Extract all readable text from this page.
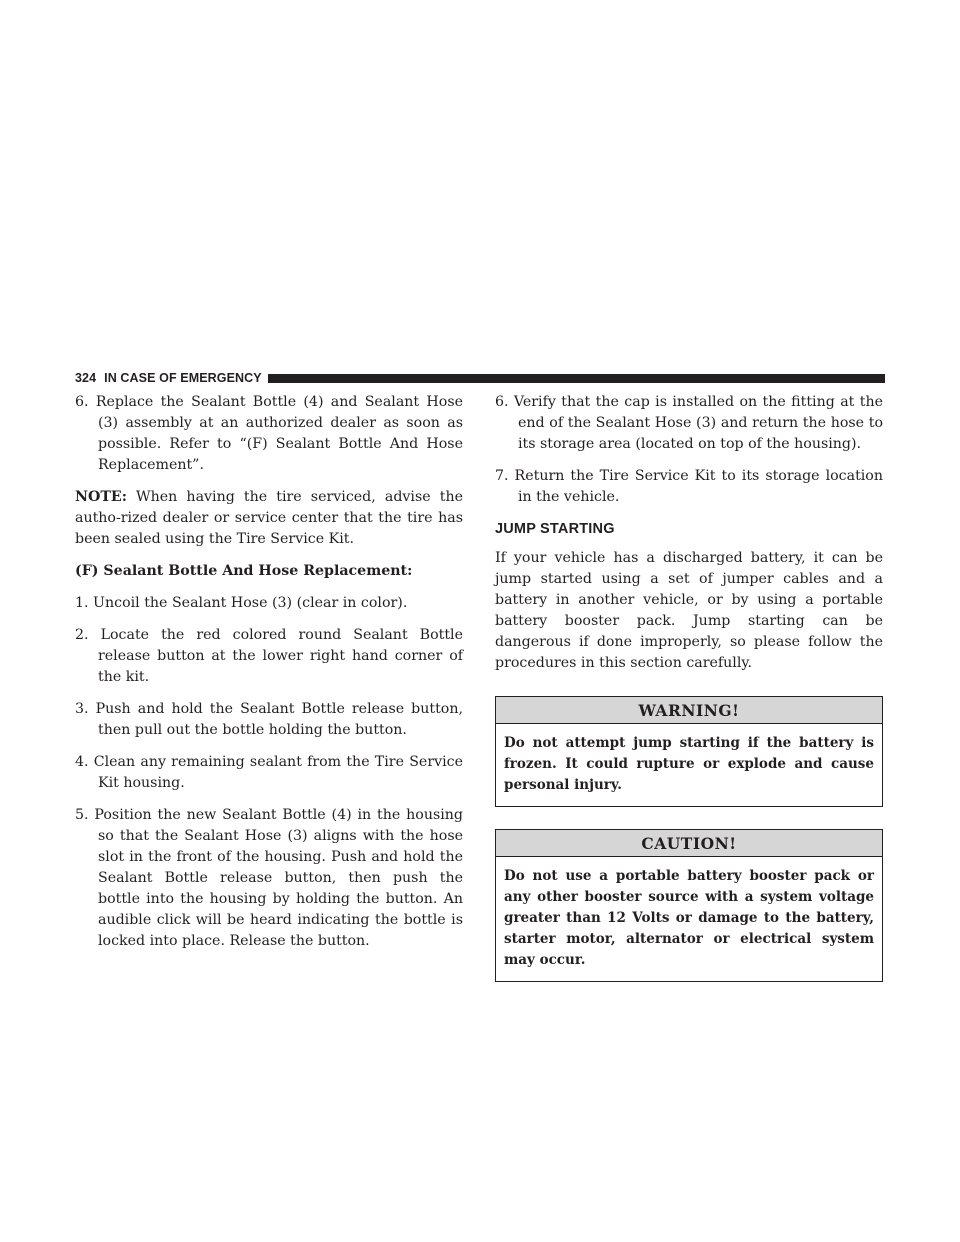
324 IN CASE OF EMERGENCY

6. Replace the Sealant Bottle (4) and Sealant Hose (3) assembly at an authorized dealer as soon as possible. Refer to “(F) Sealant Bottle And Hose Replacement”.

NOTE: When having the tire serviced, advise the autho-rized dealer or service center that the tire has been sealed using the Tire Service Kit.

(F) Sealant Bottle And Hose Replacement:

1. Uncoil the Sealant Hose (3) (clear in color).

2. Locate the red colored round Sealant Bottle release button at the lower right hand corner of the kit.

3. Push and hold the Sealant Bottle release button, then pull out the bottle holding the button.

4. Clean any remaining sealant from the Tire Service Kit housing.

5. Position the new Sealant Bottle (4) in the housing so that the Sealant Hose (3) aligns with the hose slot in the front of the housing. Push and hold the Sealant Bottle release button, then push the bottle into the housing by holding the button. An audible click will be heard indicating the bottle is locked into place. Release the button.

6. Verify that the cap is installed on the fitting at the end of the Sealant Hose (3) and return the hose to its storage area (located on top of the housing).

7. Return the Tire Service Kit to its storage location in the vehicle.

JUMP STARTING

If your vehicle has a discharged battery, it can be jump started using a set of jumper cables and a battery in another vehicle, or by using a portable battery booster pack. Jump starting can be dangerous if done improperly, so please follow the procedures in this section carefully.

WARNING!
Do not attempt jump starting if the battery is frozen. It could rupture or explode and cause personal injury.
CAUTION!
Do not use a portable battery booster pack or any other booster source with a system voltage greater than 12 Volts or damage to the battery, starter motor, alternator or electrical system may occur.
